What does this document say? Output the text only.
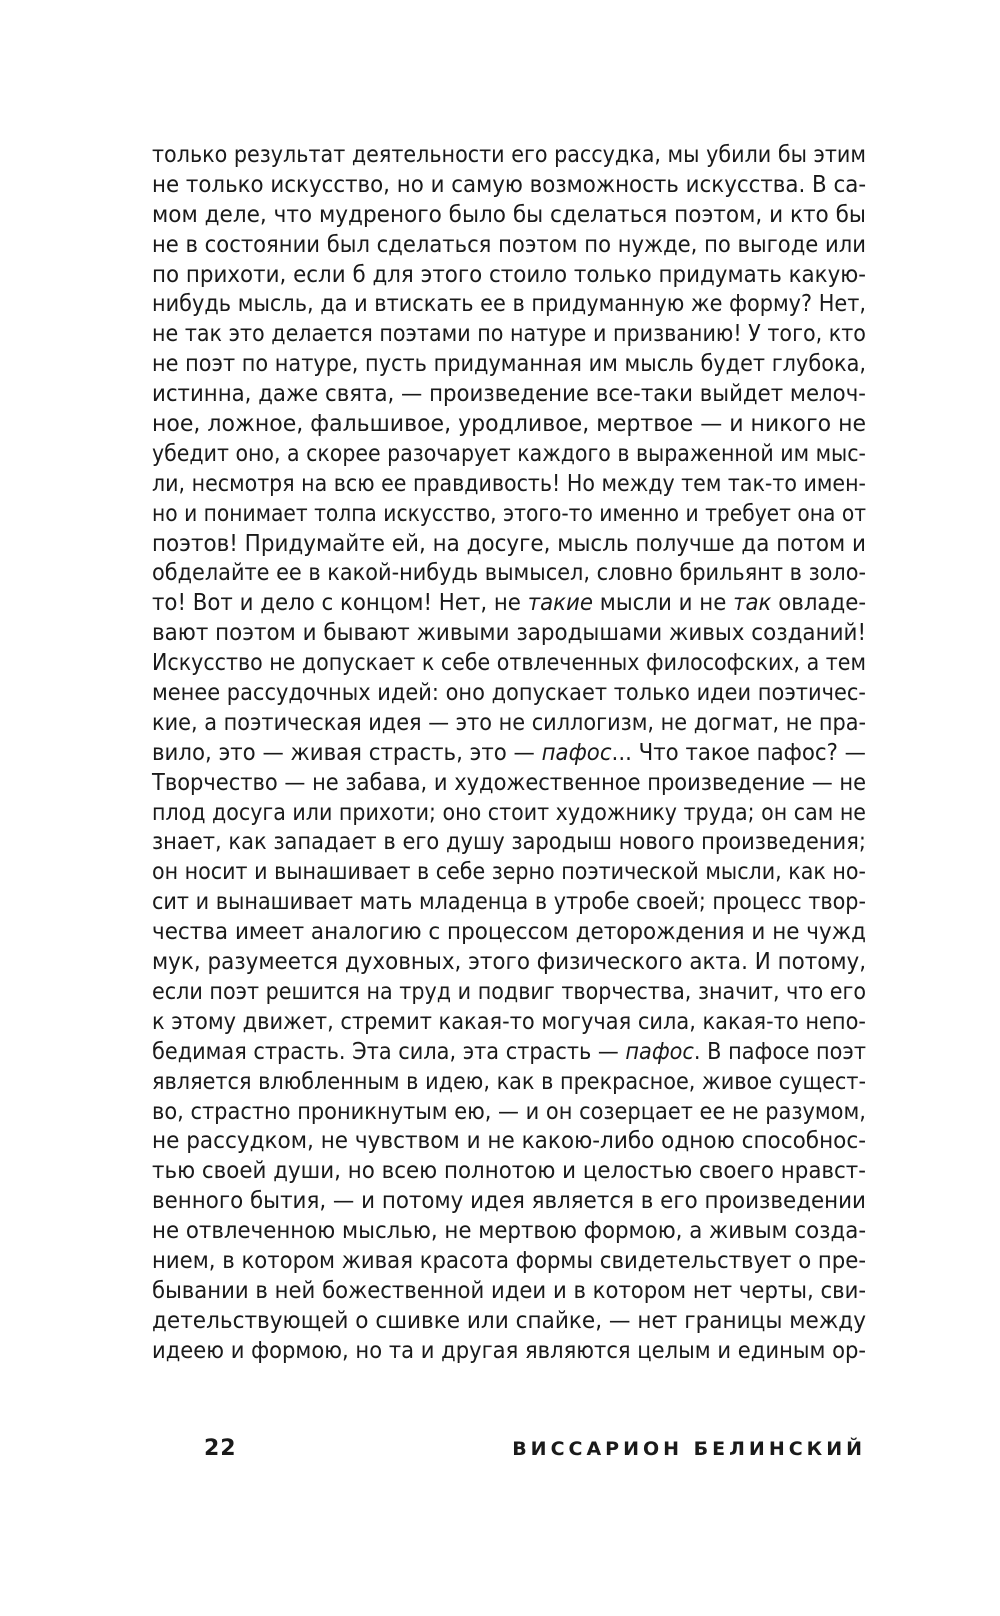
только результат деятельности его рассудка, мы убили бы этим
не только искусство, но и самую возможность искусства. В са-
мом деле, что мудреного было бы сделаться поэтом, и кто бы
не в состоянии был сделаться поэтом по нужде, по выгоде или
по прихоти, если б для этого стоило только придумать какую-
нибудь мысль, да и втискать ее в придуманную же форму? Нет,
не так это делается поэтами по натуре и призванию! У того, кто
не поэт по натуре, пусть придуманная им мысль будет глубока,
истинна, даже свята, — произведение все-таки выйдет мелоч-
ное, ложное, фальшивое, уродливое, мертвое — и никого не
убедит оно, а скорее разочарует каждого в выраженной им мыс-
ли, несмотря на всю ее правдивость! Но между тем так-то имен-
но и понимает толпа искусство, этого-то именно и требует она от
поэтов! Придумайте ей, на досуге, мысль получше да потом и
обделайте ее в какой-нибудь вымысел, словно брильянт в золо-
то! Вот и дело с концом! Нет, не такие мысли и не так овладе-
вают поэтом и бывают живыми зародышами живых созданий!
Искусство не допускает к себе отвлеченных философских, а тем
менее рассудочных идей: оно допускает только идеи поэтичес-
кие, а поэтическая идея — это не силлогизм, не догмат, не пра-
вило, это — живая страсть, это — пафос... Что такое пафос? —
Творчество — не забава, и художественное произведение — не
плод досуга или прихоти; оно стоит художнику труда; он сам не
знает, как западает в его душу зародыш нового произведения;
он носит и вынашивает в себе зерно поэтической мысли, как но-
сит и вынашивает мать младенца в утробе своей; процесс твор-
чества имеет аналогию с процессом деторождения и не чужд
мук, разумеется духовных, этого физического акта. И потому,
если поэт решится на труд и подвиг творчества, значит, что его
к этому движет, стремит какая-то могучая сила, какая-то непо-
бедимая страсть. Эта сила, эта страсть — пафос. В пафосе поэт
является влюбленным в идею, как в прекрасное, живое сущест-
во, страстно проникнутым ею, — и он созерцает ее не разумом,
не рассудком, не чувством и не какою-либо одною способнос-
тью своей души, но всею полнотою и целостью своего нравст-
венного бытия, — и потому идея является в его произведении
не отвлеченною мыслью, не мертвою формою, а живым созда-
нием, в котором живая красота формы свидетельствует о пре-
бывании в ней божественной идеи и в котором нет черты, сви-
детельствующей о сшивке или спайке, — нет границы между
идеею и формою, но та и другая являются целым и единым ор-
22	ВИССАРИОН БЕЛИНСКИЙ
